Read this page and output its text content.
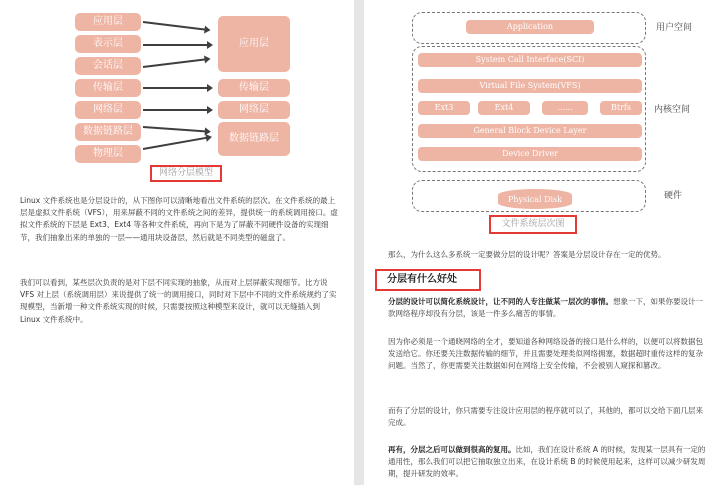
应用层
表示层
会话层
传输层
网络层
数据链路层
物理层
应用层
传输层
网络层
数据链路层
网络分层模型

Linux 文件系统也是分层设计的，从下图你可以清晰地看出文件系统的层次。在文件系统的最上层是虚拟文件系统（VFS），用来屏蔽不同的文件系统之间的差异，提供统一的系统调用接口。虚拟文件系统的下层是 Ext3、Ext4 等各种文件系统，再向下是为了屏蔽不同硬件设备的实现细节，我们抽象出来的单独的一层——通用块设备层，然后就是不同类型的磁盘了。

我们可以看到，某些层次负责的是对下层不同实现的抽象，从而对上层屏蔽实现细节。比方说 VFS 对上层（系统调用层）来说提供了统一的调用接口，同时对下层中不同的文件系统规约了实现模型，当新增一种文件系统实现的时候，只需要按照这种模型来设计，就可以无缝插入到 Linux 文件系统中。

Application	用户空间
System Call Interface(SCI)
Virtual File System(VFS)
Ext3	Ext4	......	Btrfs
General Block Device Layer
Device Driver
内核空间
Physical Disk	硬件
文件系统层次图

那么，为什么这么多系统一定要做分层的设计呢？答案是分层设计存在一定的优势。

分层有什么好处

分层的设计可以简化系统设计，让不同的人专注做某一层次的事情。想象一下，如果你要设计一款网络程序却没有分层，该是一件多么痛苦的事情。

因为你必须是一个通晓网络的全才，要知道各种网络设备的接口是什么样的，以便可以将数据包发送给它。你还要关注数据传输的细节，并且需要处理类似网络拥塞，数据超时重传这样的复杂问题。当然了，你更需要关注数据如何在网络上安全传输，不会被别人窥探和篡改。

而有了分层的设计，你只需要专注设计应用层的程序就可以了，其他的，都可以交给下面几层来完成。

再有，分层之后可以做到很高的复用。比如，我们在设计系统 A 的时候，发现某一层具有一定的通用性，那么我们可以把它抽取独立出来，在设计系统 B 的时候使用起来，这样可以减少研发周期，提升研发的效率。
